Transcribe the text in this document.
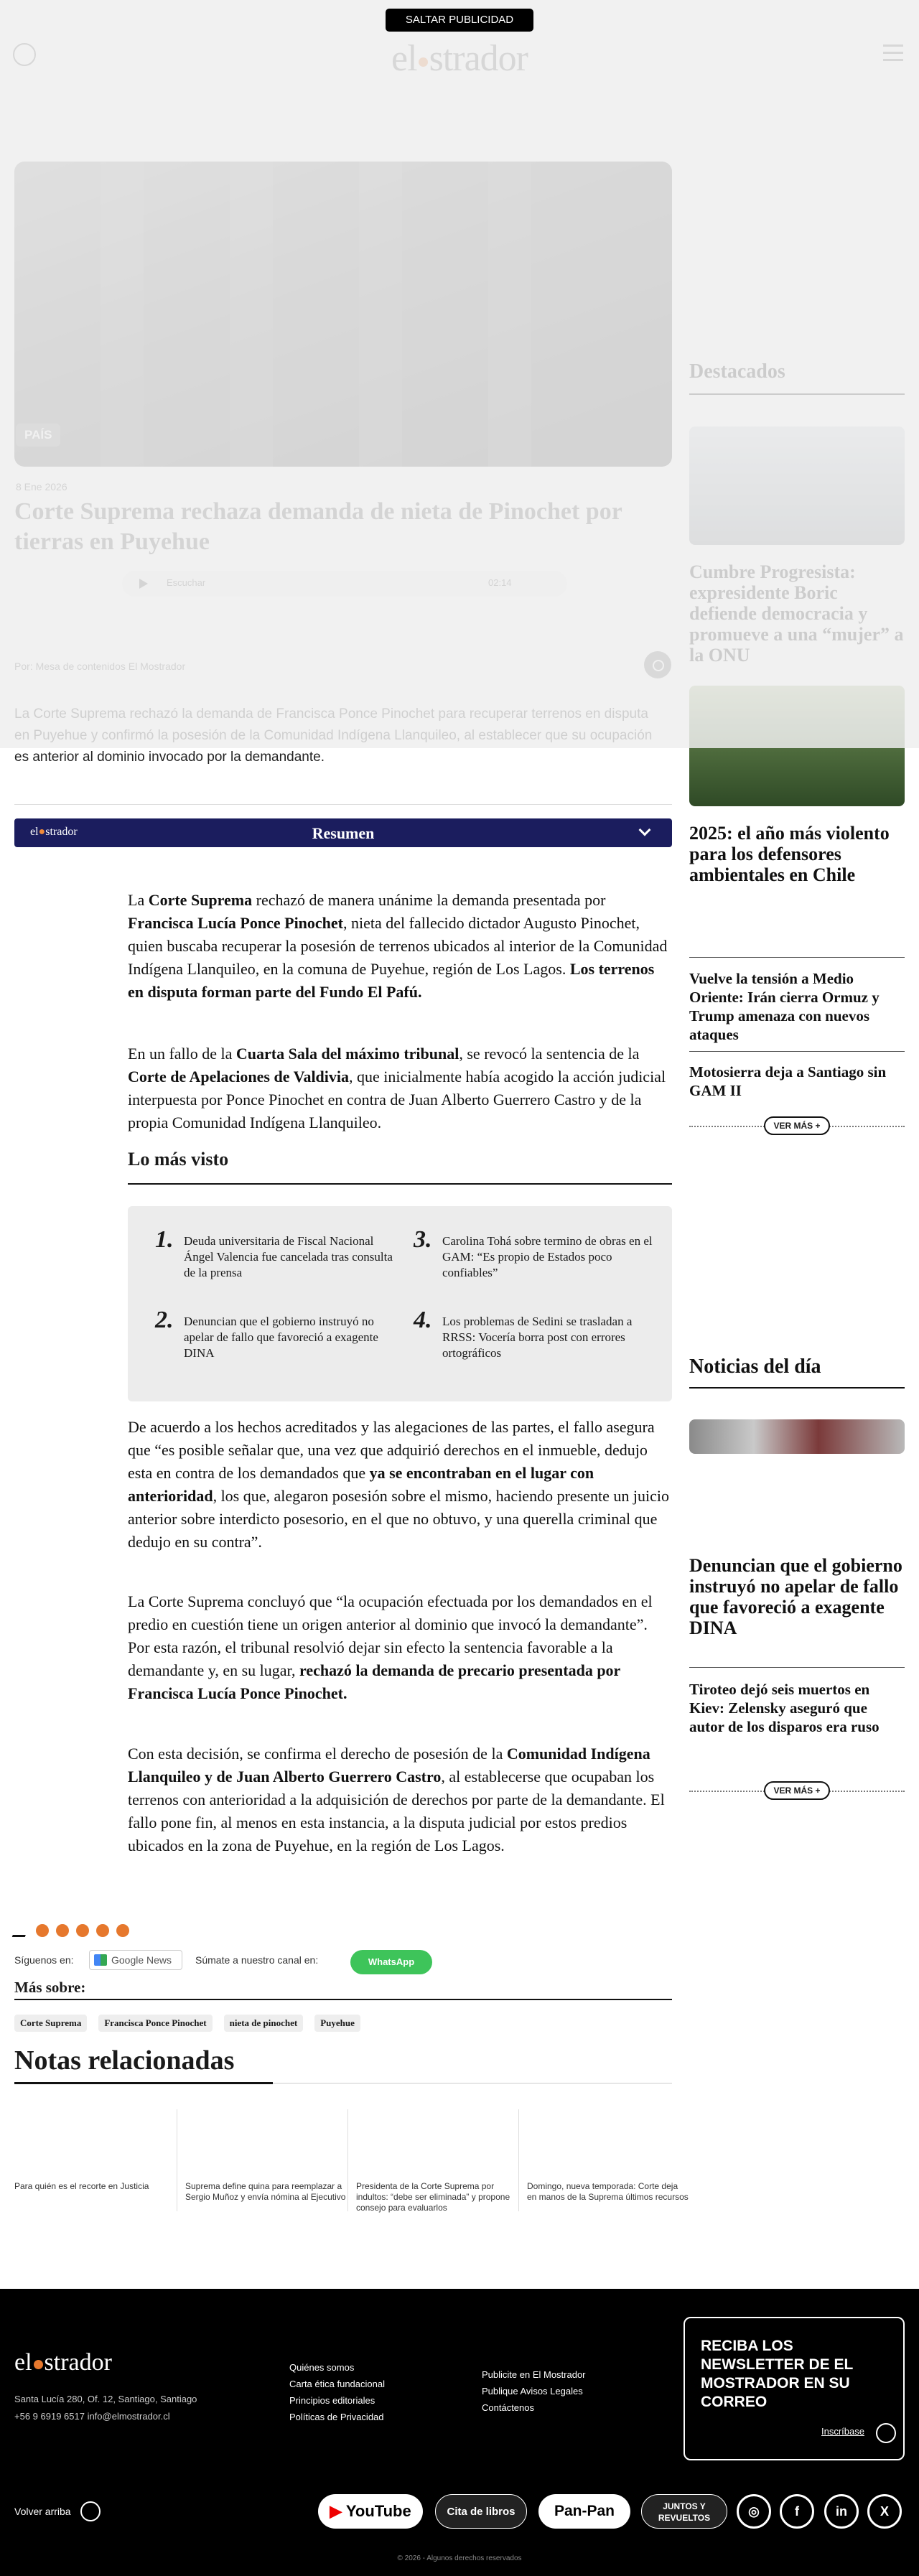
es anterior al dominio invocado por la demandante.

SALTAR PUBLICIDAD
el●strador	Resumen
La Corte Suprema rechazó de manera unánime la demanda presentada por Francisca Lucía Ponce Pinochet, nieta del fallecido dictador Augusto Pinochet, quien buscaba recuperar la posesión de terrenos ubicados al interior de la Comunidad Indígena Llanquileo, en la comuna de Puyehue, región de Los Lagos. Los terrenos en disputa forman parte del Fundo El Pafú.
En un fallo de la Cuarta Sala del máximo tribunal, se revocó la sentencia de la Corte de Apelaciones de Valdivia, que inicialmente había acogido la acción judicial interpuesta por Ponce Pinochet en contra de Juan Alberto Guerrero Castro y de la propia Comunidad Indígena Llanquileo.
Lo más visto
1. Deuda universitaria de Fiscal Nacional Ángel Valencia fue cancelada tras consulta de la prensa
2. Denuncian que el gobierno instruyó no apelar de fallo que favoreció a exagente DINA
3. Carolina Tohá sobre termino de obras en el GAM: “Es propio de Estados poco confiables”
4. Los problemas de Sedini se trasladan a RRSS: Vocería borra post con errores ortográficos
De acuerdo a los hechos acreditados y las alegaciones de las partes, el fallo asegura que “es posible señalar que, una vez que adquirió derechos en el inmueble, dedujo esta en contra de los demandados que ya se encontraban en el lugar con anterioridad, los que, alegaron posesión sobre el mismo, haciendo presente un juicio anterior sobre interdicto posesorio, en el que no obtuvo, y una querella criminal que dedujo en su contra”.
La Corte Suprema concluyó que “la ocupación efectuada por los demandados en el predio en cuestión tiene un origen anterior al dominio que invocó la demandante”. Por esta razón, el tribunal resolvió dejar sin efecto la sentencia favorable a la demandante y, en su lugar, rechazó la demanda de precario presentada por Francisca Lucía Ponce Pinochet.
Con esta decisión, se confirma el derecho de posesión de la Comunidad Indígena Llanquileo y de Juan Alberto Guerrero Castro, al establecerse que ocupaban los terrenos con anterioridad a la adquisición de derechos por parte de la demandante. El fallo pone fin, al menos en esta instancia, a la disputa judicial por estos predios ubicados en la zona de Puyehue, en la región de Los Lagos.
2025: el año más violento para los defensores ambientales en Chile
Vuelve la tensión a Medio Oriente: Irán cierra Ormuz y Trump amenaza con nuevos ataques
Motosierra deja a Santiago sin GAM II
VER MÁS +
Noticias del día
Denuncian que el gobierno instruyó no apelar de fallo que favoreció a exagente DINA
Tiroteo dejó seis muertos en Kiev: Zelensky aseguró que autor de los disparos era ruso
VER MÁS +

Síguenos en:	Google News	Súmate a nuestro canal en:	WhatsApp
Más sobre:
Corte Suprema Francisca Ponce Pinochet nieta de pinochet Puyehue
Notas relacionadas
Para quién es el recorte en Justicia	Suprema define quina para reemplazar a Sergio Muñoz y envía nómina al Ejecutivo
Presidenta de la Corte Suprema por indultos: “debe ser eliminada” y propone consejo para evaluarlos
Domingo, nueva temporada: Corte deja en manos de la Suprema últimos recursos
el strador
Santa Lucía 280, Of. 12, Santiago, Santiago
+56 9 6919 6517 info@elmostrador.cl
Quiénes somos
Carta ética fundacional
Principios editoriales
Políticas de Privacidad
Publicite en El Mostrador
Publique Avisos Legales
Contáctenos
RECIBA LOS NEWSLETTER DE EL MOSTRADOR EN SU CORREO
Inscríbase
Volver arriba	▶ YouTube	Cita de libros	Pan-Pan	JUNTOS Y REVUELTOS	◎	f	in	X
© 2026 - Algunos derechos reservados
